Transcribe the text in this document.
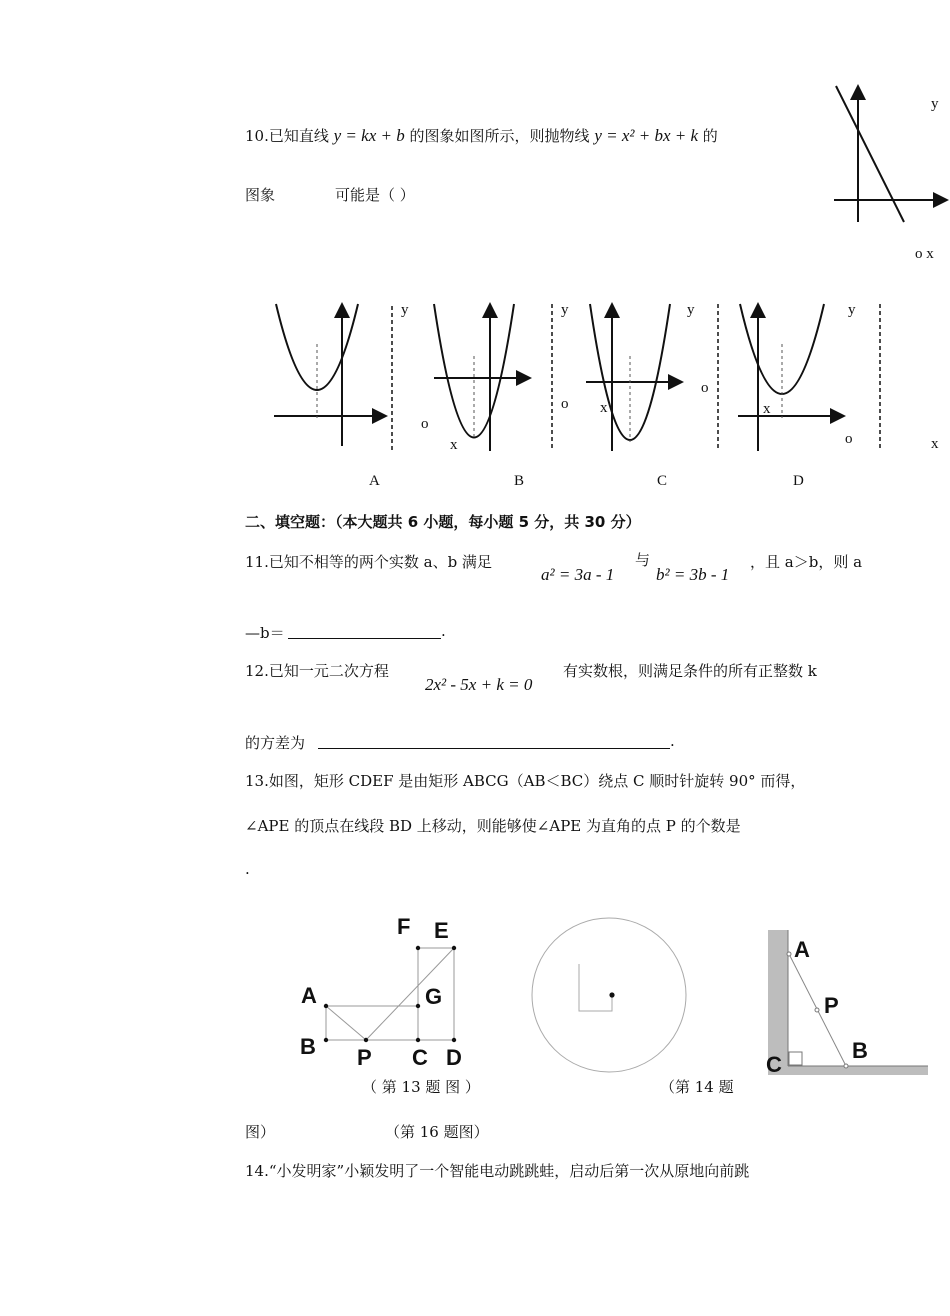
10.已知直线 y = kx + b 的图象如图所示，则抛物线 y = x² + bx + k 的
图象	可能是（ ）
y
o x
y
o
x
y
o x
y
o
x
y
o	x
A	B	C	D
二、填空题：（本大题共 6 小题，每小题 5 分，共 30 分）
11.已知不相等的两个实数 a、b 满足
a² = 3a - 1
与
b² = 3b - 1
，且 a＞b，则 a
—b＝	.
12.已知一元二次方程
2x² - 5x + k = 0
有实数根，则满足条件的所有正整数 k
的方差为	.
13.如图，矩形 CDEF 是由矩形 ABCG（AB＜BC）绕点 C 顺时针旋转 90° 而得，
∠APE 的顶点在线段 BD 上移动，则能够使∠APE 为直角的点 P 的个数是
.
F E
A	G
B P C D
A
P
B
C
（ 第 13 题 图 ）	（第 14 题
图）	（第 16 题图）
14.“小发明家”小颖发明了一个智能电动跳跳蛙，启动后第一次从原地向前跳
